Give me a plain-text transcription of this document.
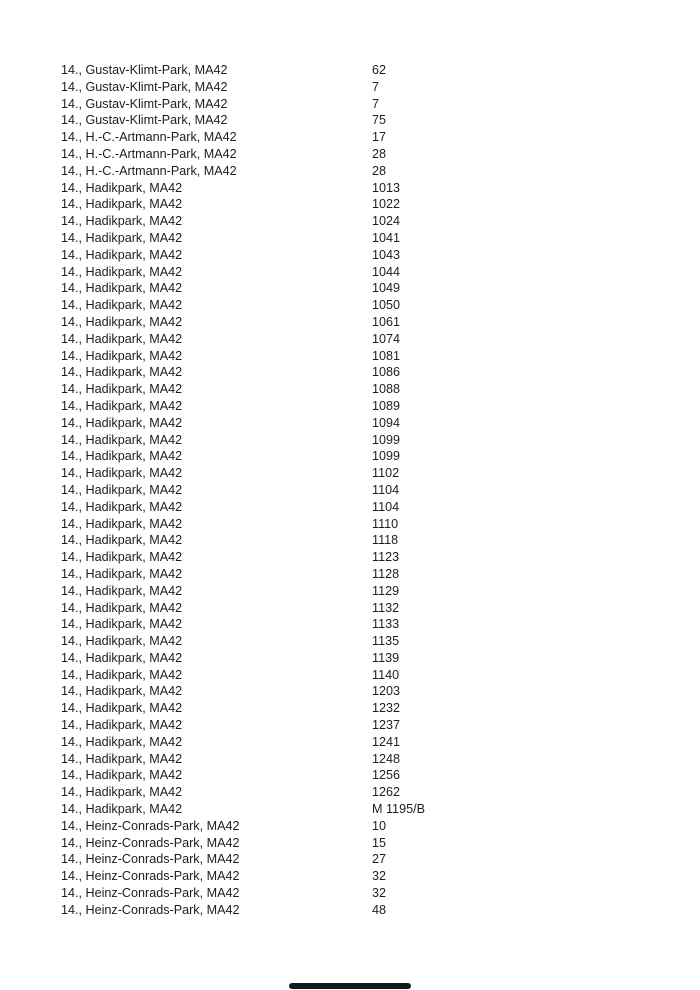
14., Gustav-Klimt-Park, MA42	62
14., Gustav-Klimt-Park, MA42	7
14., Gustav-Klimt-Park, MA42	7
14., Gustav-Klimt-Park, MA42	75
14., H.-C.-Artmann-Park, MA42	17
14., H.-C.-Artmann-Park, MA42	28
14., H.-C.-Artmann-Park, MA42	28
14., Hadikpark, MA42	1013
14., Hadikpark, MA42	1022
14., Hadikpark, MA42	1024
14., Hadikpark, MA42	1041
14., Hadikpark, MA42	1043
14., Hadikpark, MA42	1044
14., Hadikpark, MA42	1049
14., Hadikpark, MA42	1050
14., Hadikpark, MA42	1061
14., Hadikpark, MA42	1074
14., Hadikpark, MA42	1081
14., Hadikpark, MA42	1086
14., Hadikpark, MA42	1088
14., Hadikpark, MA42	1089
14., Hadikpark, MA42	1094
14., Hadikpark, MA42	1099
14., Hadikpark, MA42	1099
14., Hadikpark, MA42	1102
14., Hadikpark, MA42	1104
14., Hadikpark, MA42	1104
14., Hadikpark, MA42	1110
14., Hadikpark, MA42	1118
14., Hadikpark, MA42	1123
14., Hadikpark, MA42	1128
14., Hadikpark, MA42	1129
14., Hadikpark, MA42	1132
14., Hadikpark, MA42	1133
14., Hadikpark, MA42	1135
14., Hadikpark, MA42	1139
14., Hadikpark, MA42	1140
14., Hadikpark, MA42	1203
14., Hadikpark, MA42	1232
14., Hadikpark, MA42	1237
14., Hadikpark, MA42	1241
14., Hadikpark, MA42	1248
14., Hadikpark, MA42	1256
14., Hadikpark, MA42	1262
14., Hadikpark, MA42	M 1195/B
14., Heinz-Conrads-Park, MA42	10
14., Heinz-Conrads-Park, MA42	15
14., Heinz-Conrads-Park, MA42	27
14., Heinz-Conrads-Park, MA42	32
14., Heinz-Conrads-Park, MA42	32
14., Heinz-Conrads-Park, MA42	48
